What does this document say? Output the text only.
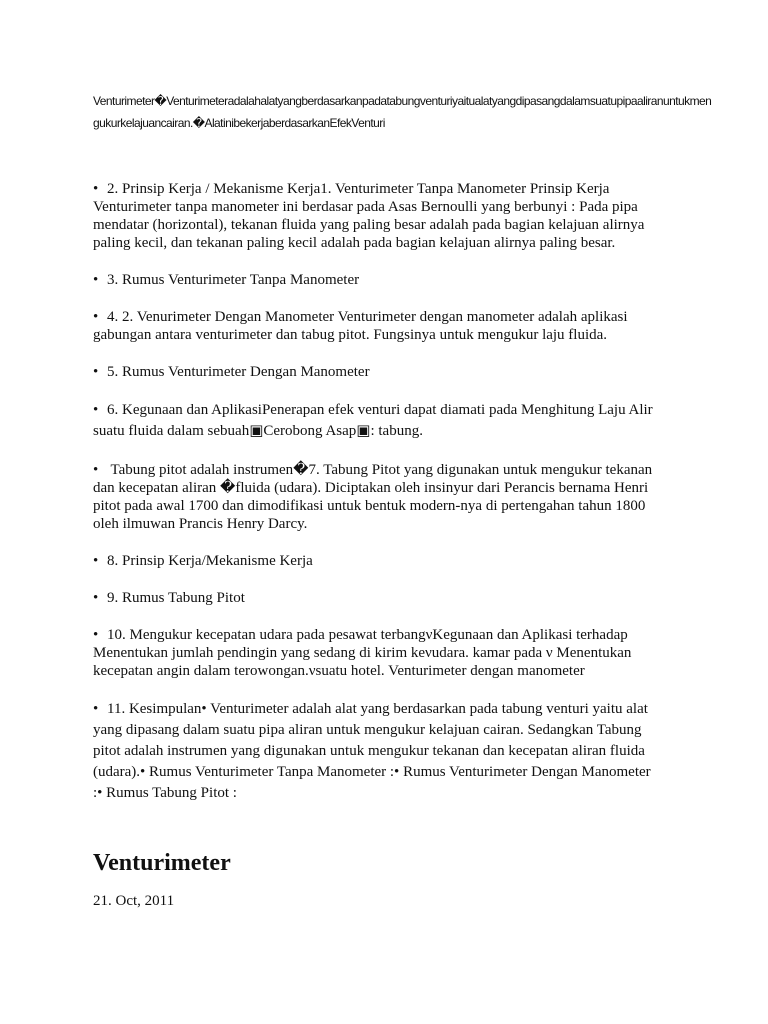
Venturimeter�Venturimeteradalahalatyangberdasarkanpadatabungventuriyaitualatyangdipasangdalamsuatupipaaliranuntukmengukurkelajuancairan.�AlatinibekerjaberdasarkanEfekVenturi
• 2. Prinsip Kerja / Mekanisme Kerja1. Venturimeter Tanpa Manometer Prinsip Kerja Venturimeter tanpa manometer ini berdasar pada Asas Bernoulli yang berbunyi : Pada pipa mendatar (horizontal), tekanan fluida yang paling besar adalah pada bagian kelajuan alirnya paling kecil, dan tekanan paling kecil adalah pada bagian kelajuan alirnya paling besar.
• 3. Rumus Venturimeter Tanpa Manometer
• 4. 2. Venurimeter Dengan Manometer Venturimeter dengan manometer adalah aplikasi gabungan antara venturimeter dan tabug pitot. Fungsinya untuk mengukur laju fluida.
• 5. Rumus Venturimeter Dengan Manometer
• 6. Kegunaan dan AplikasiPenerapan efek venturi dapat diamati pada Menghitung Laju Alir suatu fluida dalam sebuah▣Cerobong Asap▣: tabung.
• Tabung pitot adalah instrumen�7. Tabung Pitot yang digunakan untuk mengukur tekanan dan kecepatan aliran �fluida (udara). Diciptakan oleh insinyur dari Perancis bernama Henri pitot pada awal 1700 dan dimodifikasi untuk bentuk modern-nya di pertengahan tahun 1800 oleh ilmuwan Prancis Henry Darcy.
• 8. Prinsip Kerja/Mekanisme Kerja
• 9. Rumus Tabung Pitot
• 10. Mengukur kecepatan udara pada pesawat terbangνKegunaan dan Aplikasi terhadap Menentukan jumlah pendingin yang sedang di kirim keνudara. kamar pada ν Menentukan kecepatan angin dalam terowongan.νsuatu hotel. Venturimeter dengan manometer
• 11. Kesimpulan• Venturimeter adalah alat yang berdasarkan pada tabung venturi yaitu alat yang dipasang dalam suatu pipa aliran untuk mengukur kelajuan cairan. Sedangkan Tabung pitot adalah instrumen yang digunakan untuk mengukur tekanan dan kecepatan aliran fluida (udara).• Rumus Venturimeter Tanpa Manometer :• Rumus Venturimeter Dengan Manometer :• Rumus Tabung Pitot :
Venturimeter
21. Oct, 2011
